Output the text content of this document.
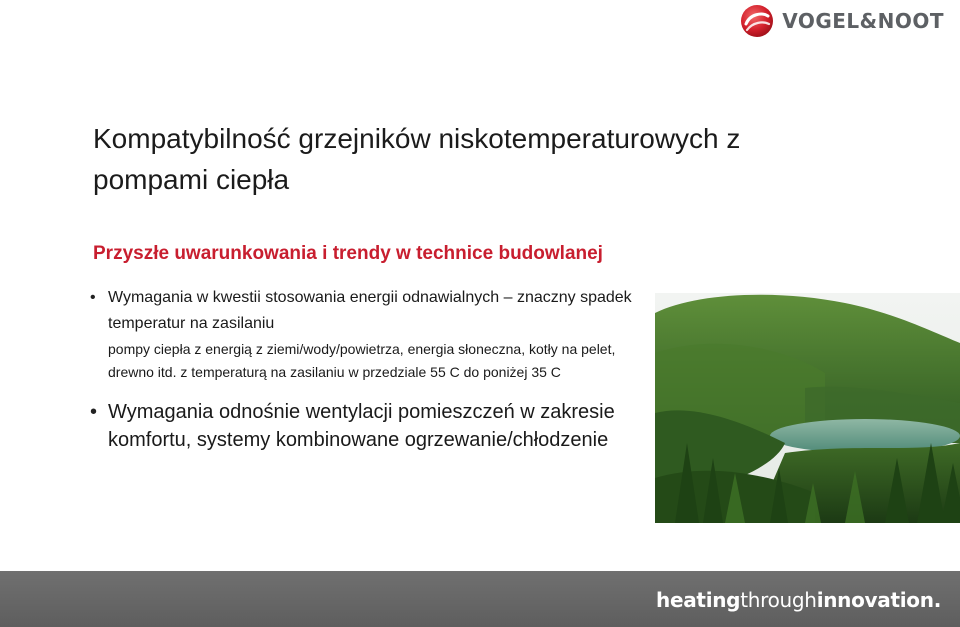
VOGEL&NOOT
Kompatybilność grzejników niskotemperaturowych z pompami ciepła
Przyszłe uwarunkowania i trendy w technice budowlanej
• Wymagania w kwestii stosowania energii odnawialnych – znaczny spadek temperatur na zasilaniu
pompy ciepła z energią z ziemi/wody/powietrza, energia słoneczna, kotły na pelet, drewno itd. z temperaturą na zasilaniu w przedziale 55 C do poniżej 35 C
• Wymagania odnośnie wentylacji pomieszczeń w zakresie komfortu, systemy kombinowane ogrzewanie/chłodzenie
heatingthroughinnovation.
